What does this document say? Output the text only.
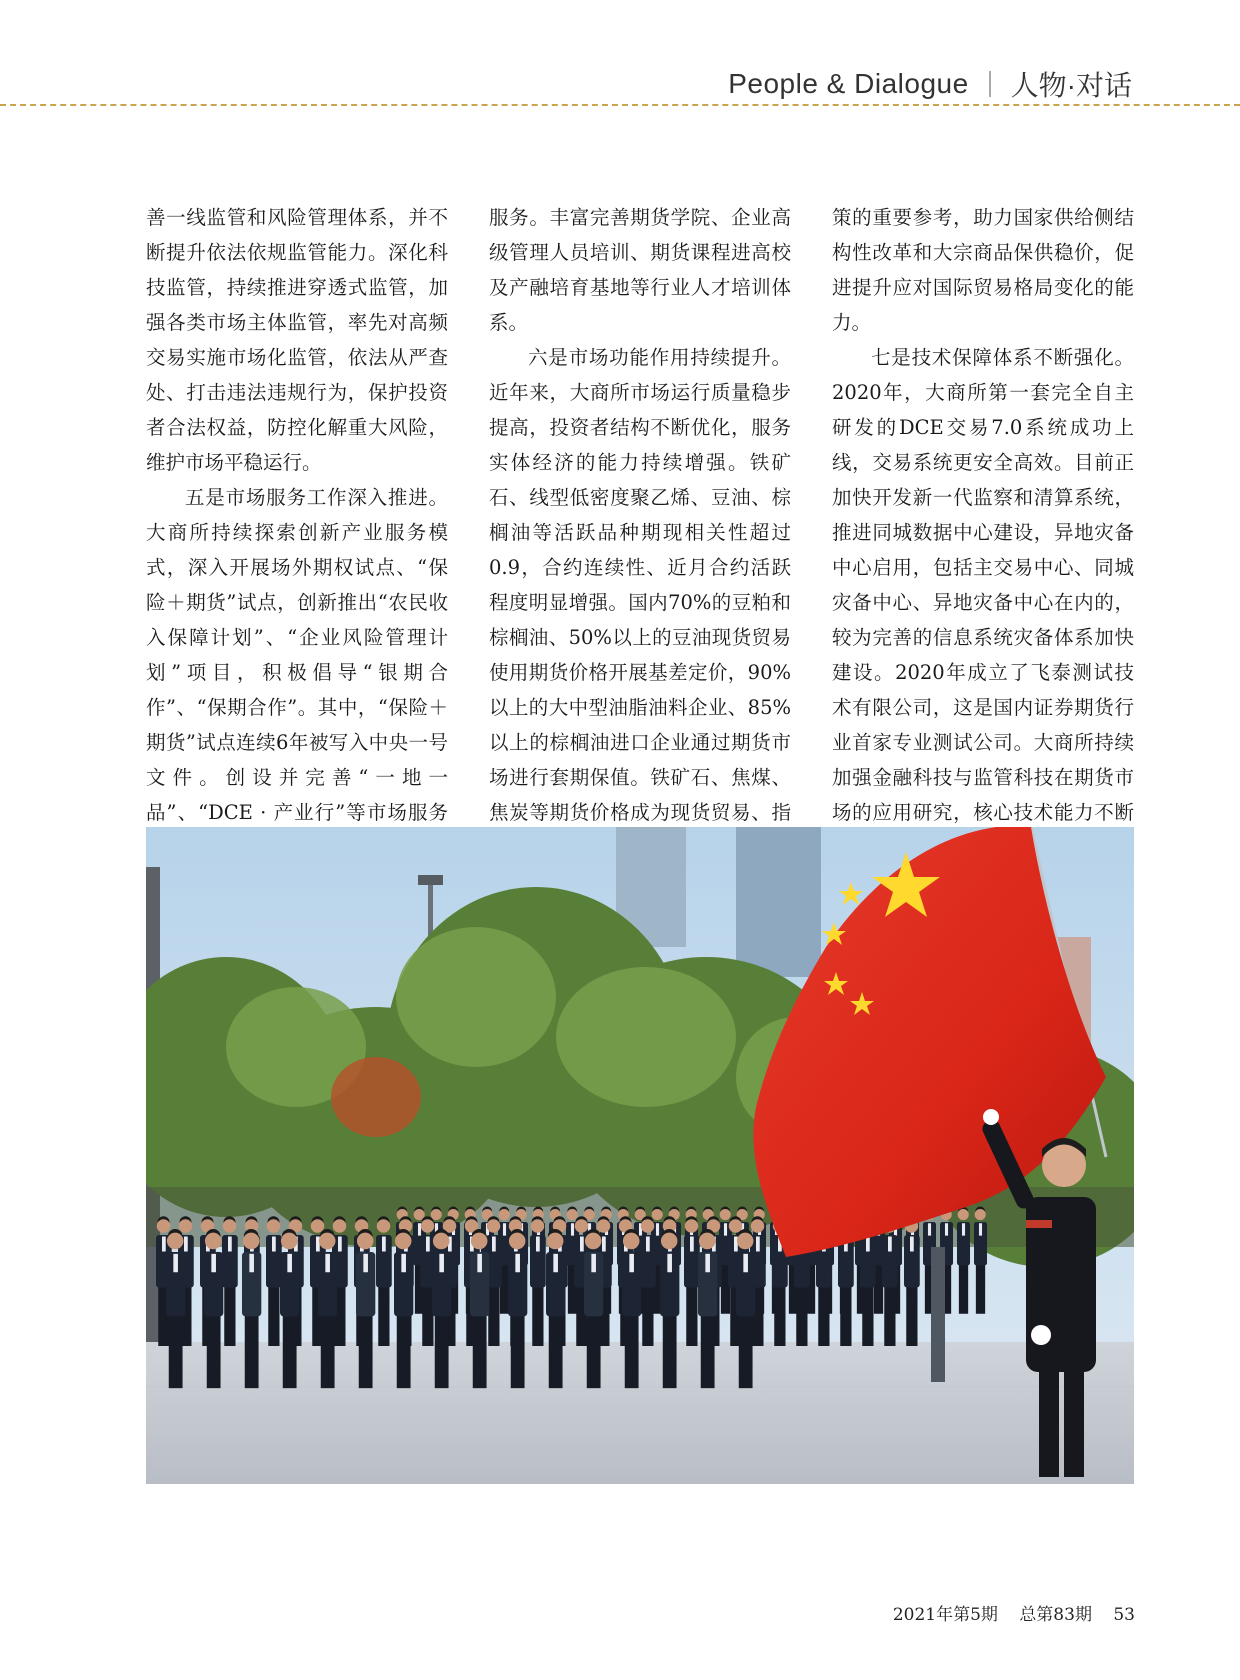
People & Dialogue 人物·对话

善一线监管和风险管理体系，并不断提升依法依规监管能力。深化科技监管，持续推进穿透式监管，加强各类市场主体监管，率先对高频交易实施市场化监管，依法从严查处、打击违法违规行为，保护投资者合法权益，防控化解重大风险，维护市场平稳运行。

五是市场服务工作深入推进。大商所持续探索创新产业服务模式，深入开展场外期权试点、“保险＋期货”试点，创新推出“农民收入保障计划”、“企业风险管理计划”项目，积极倡导“银期合作”、“保期合作”。其中，“保险＋期货”试点连续6年被写入中央一号文件。创设并完善“一地一品”、“DCE · 产业行”等市场服务

服务。丰富完善期货学院、企业高级管理人员培训、期货课程进高校及产融培育基地等行业人才培训体系。

六是市场功能作用持续提升。近年来，大商所市场运行质量稳步提高，投资者结构不断优化，服务实体经济的能力持续增强。铁矿石、线型低密度聚乙烯、豆油、棕榈油等活跃品种期现相关性超过0.9，合约连续性、近月合约活跃程度明显增强。国内70%的豆粕和棕榈油、50%以上的豆油现货贸易使用期货价格开展基差定价，90%以上的大中型油脂油料企业、85%以上的棕榈油进口企业通过期货市场进行套期保值。铁矿石、焦煤、焦炭等期货价格成为现货贸易、指

策的重要参考，助力国家供给侧结构性改革和大宗商品保供稳价，促进提升应对国际贸易格局变化的能力。

七是技术保障体系不断强化。2020年，大商所第一套完全自主研发的DCE交易7.0系统成功上线，交易系统更安全高效。目前正加快开发新一代监察和清算系统，推进同城数据中心建设，异地灾备中心启用，包括主交易中心、同城灾备中心、异地灾备中心在内的，较为完善的信息系统灾备体系加快建设。2020年成立了飞泰测试技术有限公司，这是国内证券期货行业首家专业测试公司。大商所持续加强金融科技与监管科技在期货市场的应用研究，核心技术能力不断

2021年第5期 总第83期 53
